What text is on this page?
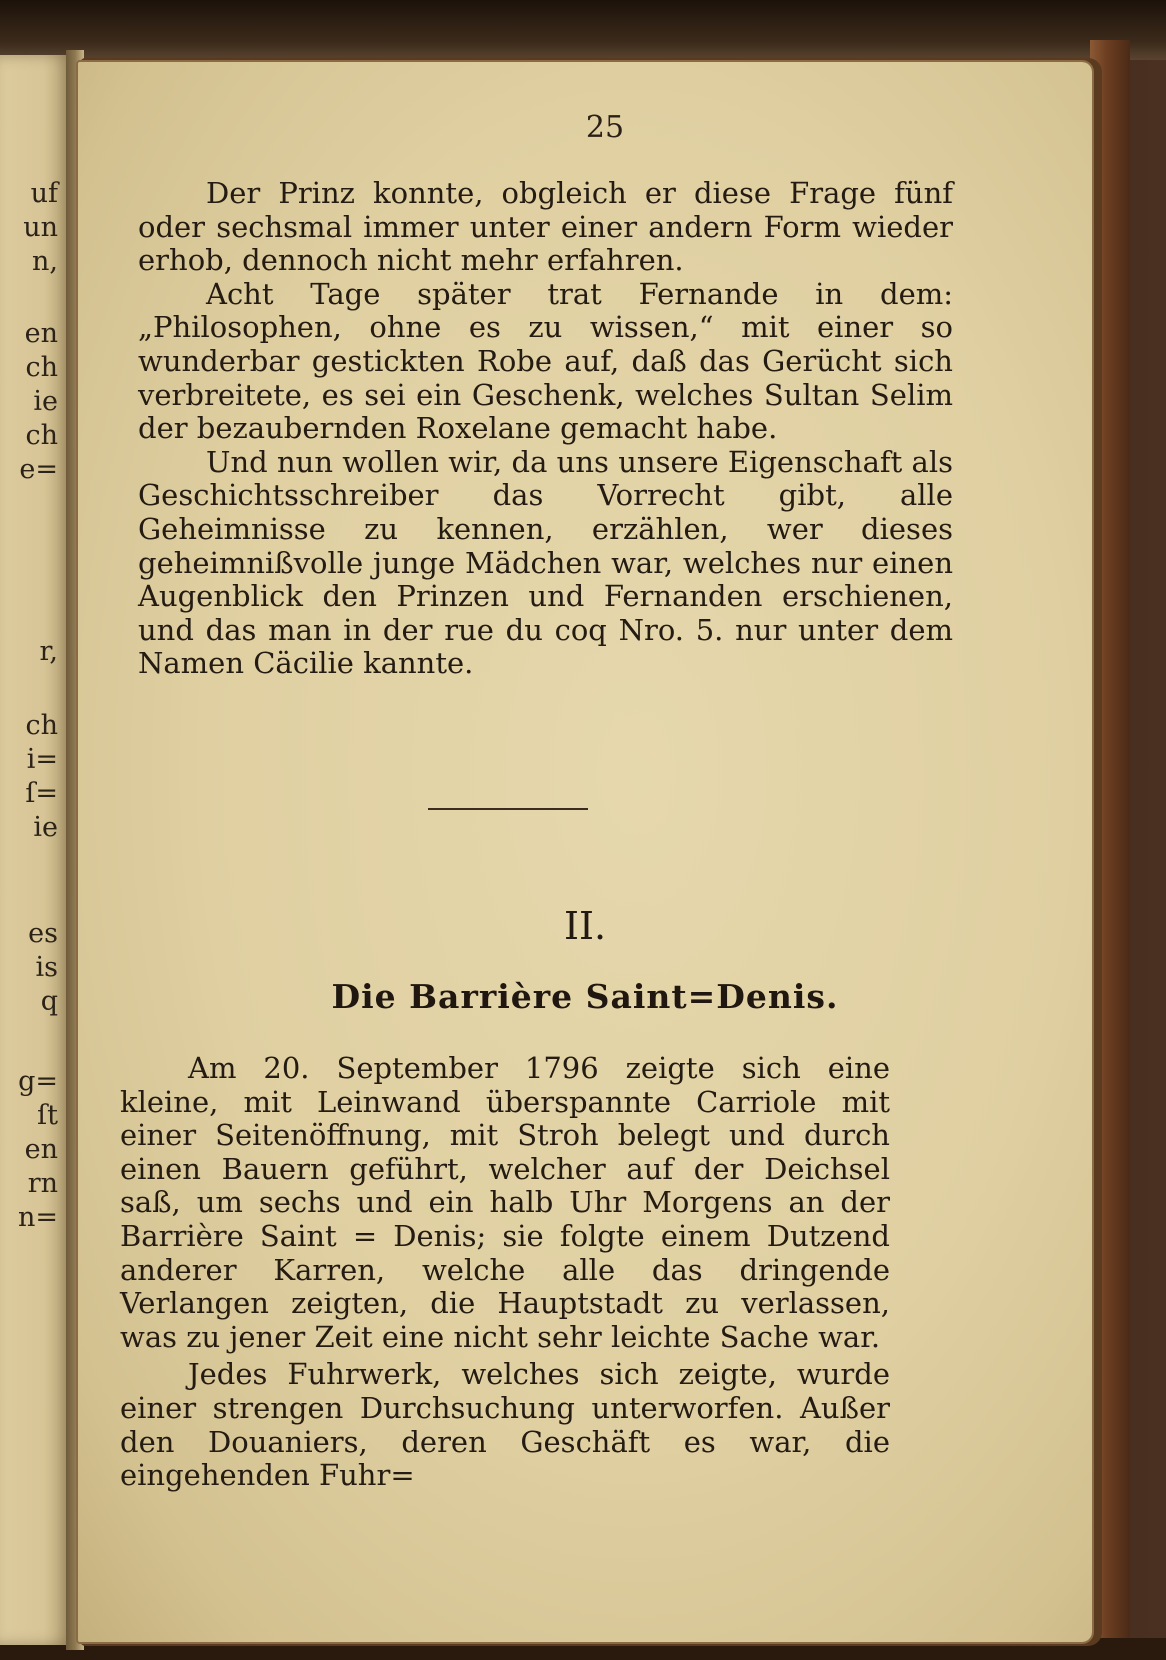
uf
un
n,
en
ch
ie
ch
e=
r,
ch
i=
ſ=
ie
es
is
q
g=
ſt
en
rn
n=
25

Der Prinz konnte, obgleich er diese Frage fünf oder sechsmal immer unter einer andern Form wieder erhob, dennoch nicht mehr erfahren.

Acht Tage später trat Fernande in dem: „Philosophen, ohne es zu wissen,“ mit einer so wunderbar gestickten Robe auf, daß das Gerücht sich verbreitete, es sei ein Geschenk, welches Sultan Selim der bezaubernden Roxelane gemacht habe.

Und nun wollen wir, da uns unsere Eigenschaft als Geschichtsschreiber das Vorrecht gibt, alle Geheimnisse zu kennen, erzählen, wer dieses geheimnißvolle junge Mädchen war, welches nur einen Augenblick den Prinzen und Fernanden erschienen, und das man in der rue du coq Nro. 5. nur unter dem Namen Cäcilie kannte.

II.
Die Barrière Saint=Denis.

Am 20. September 1796 zeigte sich eine kleine, mit Leinwand überspannte Carriole mit einer Seitenöffnung, mit Stroh belegt und durch einen Bauern geführt, welcher auf der Deichsel saß, um sechs und ein halb Uhr Morgens an der Barrière Saint = Denis; sie folgte einem Dutzend anderer Karren, welche alle das dringende Verlangen zeigten, die Hauptstadt zu verlassen, was zu jener Zeit eine nicht sehr leichte Sache war.

Jedes Fuhrwerk, welches sich zeigte, wurde einer strengen Durchsuchung unterworfen. Außer den Douaniers, deren Geschäft es war, die eingehenden Fuhr=
